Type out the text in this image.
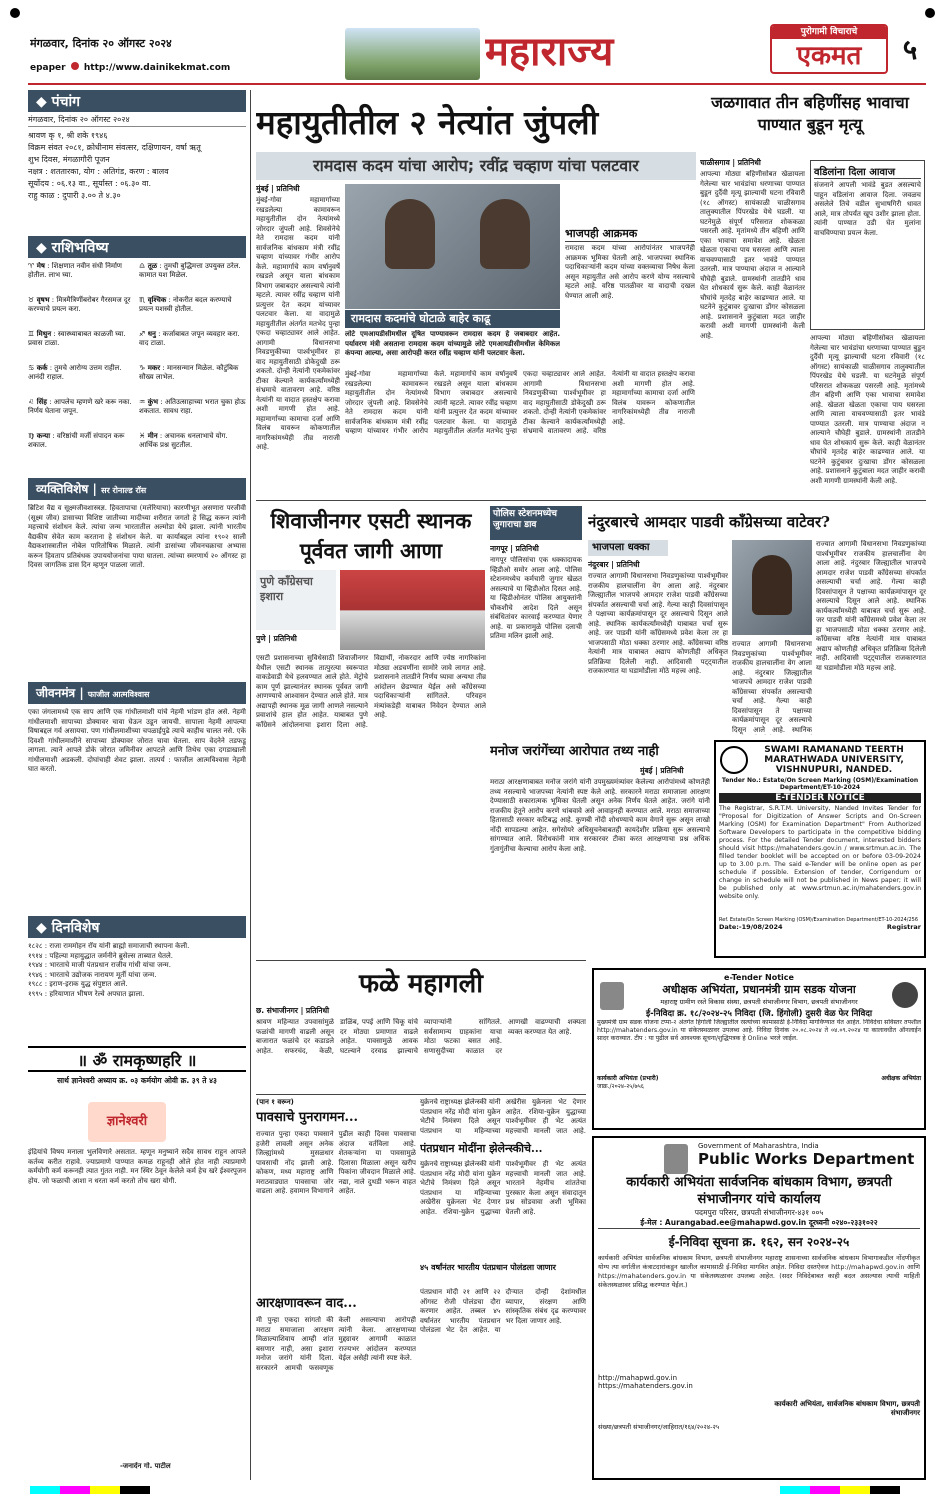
मंगळवार, दिनांक २० ऑगस्ट २०२४
epaper http://www.dainikekmat.com	महाराज्य	पुरोगामी विचाराचे
एकमत	५
◆ पंचांग

मंगळवार, दिनांक २० ऑगस्ट २०२४

श्रावण कृ १, श्री शके १९४६

विक्रम संवत २०८१, क्रोधीनाम संवत्सर, दक्षिणायन, वर्षा ऋतू

शुभ दिवस, मंगळागौरी पूजन

नक्षत्र : शततारका, योग : अतिगंड, करण : बालव

सूर्योदय : ०६.१३ वा., सूर्यास्त : ०६.३० वा.

राहु काळ : दुपारी ३.०० ते ४.३०

◆ राशिभविष्य
♈ मेष : शिक्षणात नवीन संधी निर्माण होतील. लाभ घ्या.
♎ तूळ : तुमची बुद्धिमत्ता उपयुक्त ठरेल. कामात यश मिळेल.
♉ वृषभ : मित्रमैत्रिणींबरोबर गैरसमज दूर करण्याचे प्रयत्न करा.
♏ वृश्चिक : नोकरीत बदल करण्याचे प्रयत्न यशस्वी होतील.
♊ मिथुन : स्वास्थ्याबाबत काळजी घ्या. प्रवास टाळा.
♐ धनु : कर्जाबाबत जपून व्यवहार करा. वाद टाळा.
♋ कर्क : तुमचे आरोग्य उत्तम राहील. आनंदी राहाल.
♑ मकर : मानसन्मान मिळेल. कौटुंबिक सौख्य लाभेल.
♌ सिंह : आपलेच म्हणणे खरे करू नका. निर्णय घेताना जपून.
♒ कुंभ : अतिउत्साहाच्या भरात चुका होऊ शकतात. सावध राहा.
♍ कन्या : वरिष्ठांची मर्जी संपादन करू शकाल.
♓ मीन : अचानक धनलाभाचे योग. आर्थिक प्रश्न सुटतील.
व्यक्तिविशेष | सर रोनाल्ड रॉस
ब्रिटिश वैद्य व सूक्ष्मजीवशास्त्रज्ञ. हिवतापाचा (मलेरियाचा) कारणीभूत असणारा परजीवी (सूक्ष्म जीव) डासाच्या विशिष्ट जातीच्या मादीच्या शरीरात जगतो हे सिद्ध करून त्यांनी महत्त्वाचे संशोधन केले. त्यांचा जन्म भारतातील अल्मोडा येथे झाला. त्यांनी भारतीय वैद्यकीय सेवेत काम करताना हे संशोधन केले. या कार्याबद्दल त्यांना १९०२ साली वैद्यकशास्त्रातील नोबेल पारितोषिक मिळाले. त्यांनी डासांच्या जीवनचक्राचा अभ्यास करून हिवताप प्रतिबंधक उपाययोजनांचा पाया घातला. त्यांच्या स्मरणार्थ २० ऑगस्ट हा दिवस जागतिक डास दिन म्हणून पाळला जातो.
जीवनमंत्र | फाजील आत्मविश्वास
एका जंगलामध्ये एक साप आणि एक गांधीलमाशी यांचे नेहमी भांडण होत असे. नेहमी गांधीलमाशी सापाच्या डोक्यावर चावा घेऊन उडून जायची. सापाला नेहमी आपल्या विषाबद्दल गर्व असायचा. पण गांधीलमाशीच्या चपळाईपुढे त्याचे काहीच चालत नसे. एके दिवशी गांधीलमाशीने सापाच्या डोक्यावर जोरात चावा घेतला. साप वेदनेने तडफडू लागला. त्याने आपले डोके जोरात जमिनीवर आपटले आणि तिथेच एका दगडाखाली गांधीलमाशी अडकली. दोघांचाही शेवट झाला. तात्पर्य : फाजील आत्मविश्वास नेहमी घात करतो.
◆ दिनविशेष

१८२८ : राजा राममोहन रॉय यांनी ब्राह्मो समाजाची स्थापना केली.

१९१४ : पहिल्या महायुद्धात जर्मनीने ब्रुसेल्स ताब्यात घेतले.

१९४४ : भारताचे माजी पंतप्रधान राजीव गांधी यांचा जन्म.

१९४६ : भारताचे उद्योजक नारायण मूर्ती यांचा जन्म.

१९८८ : इराण-इराक युद्ध संपुष्टात आले.

१९९५ : हरियाणात भीषण रेल्वे अपघात झाला.

॥ ॐ रामकृष्णहरि ॥
सार्थ ज्ञानेश्वरी अध्याय क्र. ०३ कर्मयोग ओवी क्र. ३९ ते ४३
ज्ञानेश्वरी
इंद्रियांचे विषय मनाला भुलविणारे असतात. म्हणून मनुष्याने सदैव सावध राहून आपले कर्तव्य करीत राहावे. ज्याप्रमाणे पाण्यात कमळ राहूनही ओले होत नाही त्याप्रमाणे कर्मयोगी कर्म करूनही त्यात गुंतत नाही. मन स्थिर ठेवून केलेले कर्म हेच खरे ईश्वरपूजन होय. जो फळाची आशा न धरता कर्म करतो तोच खरा योगी.
-जनार्दन गो. पाटील
महायुतीतील २ नेत्यांत जुंपली
रामदास कदम यांचा आरोप; रवींद्र चव्हाण यांचा पलटवार
मुंबई | प्रतिनिधी
मुंबई-गोवा महामार्गाच्या रखडलेल्या कामावरून महायुतीतील दोन नेत्यांमध्ये जोरदार जुंपली आहे. शिवसेनेचे नेते रामदास कदम यांनी सार्वजनिक बांधकाम मंत्री रवींद्र चव्हाण यांच्यावर गंभीर आरोप केले. महामार्गाचे काम वर्षानुवर्षे रखडले असून याला बांधकाम विभाग जबाबदार असल्याचे त्यांनी म्हटले. त्यावर रवींद्र चव्हाण यांनी प्रत्युत्तर देत कदम यांच्यावर पलटवार केला. या वादामुळे महायुतीतील अंतर्गत मतभेद पुन्हा एकदा चव्हाट्यावर आले आहेत. आगामी विधानसभा निवडणुकीच्या पार्श्वभूमीवर हा वाद महायुतीसाठी डोकेदुखी ठरू शकतो. दोन्ही नेत्यांनी एकमेकांवर टीका केल्याने कार्यकर्त्यांमध्येही संभ्रमाचे वातावरण आहे. वरिष्ठ नेत्यांनी या वादात हस्तक्षेप करावा अशी मागणी होत आहे. महामार्गाच्या कामाचा दर्जा आणि विलंब यावरून कोकणातील नागरिकांमध्येही तीव्र नाराजी आहे.
रामदास कदमांचे घोटाळे बाहेर काढू
लोटे एमआयडीसीमधील दूषित पाण्यावरून रामदास कदम हे जबाबदार आहेत. पर्यावरण मंत्री असताना रामदास कदम यांच्यामुळे लोटे एमआयडीसीमधील केमिकल कंपन्या आल्या, असा आरोपही करत रवींद्र चव्हाण यांनी पलटवार केला.
भाजपही आक्रमक
रामदास कदम यांच्या आरोपांनंतर भाजपनेही आक्रमक भूमिका घेतली आहे. भाजपच्या स्थानिक पदाधिकाऱ्यांनी कदम यांच्या वक्तव्याचा निषेध केला असून महायुतीत असे आरोप करणे योग्य नसल्याचे म्हटले आहे. वरिष्ठ पातळीवर या वादाची दखल घेण्यात आली आहे.
मुंबई-गोवा महामार्गाच्या रखडलेल्या कामावरून महायुतीतील दोन नेत्यांमध्ये जोरदार जुंपली आहे. शिवसेनेचे नेते रामदास कदम यांनी सार्वजनिक बांधकाम मंत्री रवींद्र चव्हाण यांच्यावर गंभीर आरोप केले. महामार्गाचे काम वर्षानुवर्षे रखडले असून याला बांधकाम विभाग जबाबदार असल्याचे त्यांनी म्हटले. त्यावर रवींद्र चव्हाण यांनी प्रत्युत्तर देत कदम यांच्यावर पलटवार केला. या वादामुळे महायुतीतील अंतर्गत मतभेद पुन्हा एकदा चव्हाट्यावर आले आहेत. आगामी विधानसभा निवडणुकीच्या पार्श्वभूमीवर हा वाद महायुतीसाठी डोकेदुखी ठरू शकतो. दोन्ही नेत्यांनी एकमेकांवर टीका केल्याने कार्यकर्त्यांमध्येही संभ्रमाचे वातावरण आहे. वरिष्ठ नेत्यांनी या वादात हस्तक्षेप करावा अशी मागणी होत आहे. महामार्गाच्या कामाचा दर्जा आणि विलंब यावरून कोकणातील नागरिकांमध्येही तीव्र नाराजी आहे.
जळगावात तीन बहिणींसह भावाचा पाण्यात बुडून मृत्यू
चाळीसगाव | प्रतिनिधी
आपल्या मोठ्या बहिणीसोबत खेळायला गेलेल्या चार भावंडांचा धरणाच्या पाण्यात बुडून दुर्दैवी मृत्यू झाल्याची घटना रविवारी (१८ ऑगस्ट) सायंकाळी चाळीसगाव तालुक्यातील पिंपरखेड येथे घडली. या घटनेमुळे संपूर्ण परिसरात शोककळा पसरली आहे. मृतांमध्ये तीन बहिणी आणि एका भावाचा समावेश आहे. खेळता खेळता एकाचा पाय घसरला आणि त्याला वाचवण्यासाठी इतर भावंडे पाण्यात उतरली. मात्र पाण्याचा अंदाज न आल्याने चौघेही बुडाले. ग्रामस्थांनी तातडीने धाव घेत शोधकार्य सुरू केले. काही वेळानंतर चौघांचे मृतदेह बाहेर काढण्यात आले. या घटनेने कुटुंबावर दुःखाचा डोंगर कोसळला आहे. प्रशासनाने कुटुंबाला मदत जाहीर करावी अशी मागणी ग्रामस्थांनी केली आहे.
वडिलांना दिला आवाज
संजनाने आपली भावंडे बुडत असल्याचे पाहून वडिलांना आवाज दिला. जवळच असलेले तिचे वडील सुभाषगिरी धावत आले, मात्र तोपर्यंत खूप उशीर झाला होता. त्यांनी पाण्यात उडी घेत मुलांना वाचविण्याचा प्रयत्न केला.
आपल्या मोठ्या बहिणीसोबत खेळायला गेलेल्या चार भावंडांचा धरणाच्या पाण्यात बुडून दुर्दैवी मृत्यू झाल्याची घटना रविवारी (१८ ऑगस्ट) सायंकाळी चाळीसगाव तालुक्यातील पिंपरखेड येथे घडली. या घटनेमुळे संपूर्ण परिसरात शोककळा पसरली आहे. मृतांमध्ये तीन बहिणी आणि एका भावाचा समावेश आहे. खेळता खेळता एकाचा पाय घसरला आणि त्याला वाचवण्यासाठी इतर भावंडे पाण्यात उतरली. मात्र पाण्याचा अंदाज न आल्याने चौघेही बुडाले. ग्रामस्थांनी तातडीने धाव घेत शोधकार्य सुरू केले. काही वेळानंतर चौघांचे मृतदेह बाहेर काढण्यात आले. या घटनेने कुटुंबावर दुःखाचा डोंगर कोसळला आहे. प्रशासनाने कुटुंबाला मदत जाहीर करावी अशी मागणी ग्रामस्थांनी केली आहे.
शिवाजीनगर एसटी स्थानक पूर्ववत जागी आणा
पुणे काँग्रेसचा इशारा
पुणे | प्रतिनिधी
एसटी प्रशासनाच्या सुविधेसाठी शिवाजीनगर येथील एसटी स्थानक तात्पुरत्या स्वरूपात वाकडेवाडी येथे हलवण्यात आले होते. मेट्रोचे काम पूर्ण झाल्यानंतर स्थानक पूर्ववत जागी आणण्याचे आश्वासन देण्यात आले होते. मात्र अद्यापही स्थानक मूळ जागी आणले नसल्याने प्रवाशांचे हाल होत आहेत. याबाबत पुणे काँग्रेसने आंदोलनाचा इशारा दिला आहे. विद्यार्थी, नोकरदार आणि ज्येष्ठ नागरिकांना मोठ्या अडचणींना सामोरे जावे लागत आहे. प्रशासनाने तातडीने निर्णय घ्यावा अन्यथा तीव्र आंदोलन छेडण्यात येईल असे काँग्रेसच्या पदाधिकाऱ्यांनी सांगितले. परिवहन मंत्र्यांकडेही याबाबत निवेदन देण्यात आले आहे.
पोलिस स्टेशनमध्येच जुगाराचा डाव
नागपूर | प्रतिनिधी
नागपूर पोलिसांचा एक धक्कादायक व्हिडीओ समोर आला आहे. पोलिस स्टेशनमध्येच कर्मचारी जुगार खेळत असल्याचे या व्हिडीओत दिसत आहे. या व्हिडीओनंतर पोलिस आयुक्तांनी चौकशीचे आदेश दिले असून संबंधितांवर कारवाई करण्यात येणार आहे. या प्रकारामुळे पोलिस दलाची प्रतिमा मलिन झाली आहे.
नंदुरबारचे आमदार पाडवी काँग्रेसच्या वाटेवर?
भाजपला धक्का
नंदुरबार | प्रतिनिधी
राज्यात आगामी विधानसभा निवडणुकांच्या पार्श्वभूमीवर राजकीय हालचालींना वेग आला आहे. नंदुरबार जिल्ह्यातील भाजपचे आमदार राजेश पाडवी काँग्रेसच्या संपर्कात असल्याची चर्चा आहे. गेल्या काही दिवसांपासून ते पक्षाच्या कार्यक्रमांपासून दूर असल्याचे दिसून आले आहे. स्थानिक कार्यकर्त्यांमध्येही याबाबत चर्चा सुरू आहे. जर पाडवी यांनी काँग्रेसमध्ये प्रवेश केला तर हा भाजपसाठी मोठा धक्का ठरणार आहे. काँग्रेसच्या वरिष्ठ नेत्यांनी मात्र याबाबत अद्याप कोणतीही अधिकृत प्रतिक्रिया दिलेली नाही. आदिवासी पट्ट्यातील राजकारणात या घडामोडीला मोठे महत्त्व आहे.
राज्यात आगामी विधानसभा निवडणुकांच्या पार्श्वभूमीवर राजकीय हालचालींना वेग आला आहे. नंदुरबार जिल्ह्यातील भाजपचे आमदार राजेश पाडवी काँग्रेसच्या संपर्कात असल्याची चर्चा आहे. गेल्या काही दिवसांपासून ते पक्षाच्या कार्यक्रमांपासून दूर असल्याचे दिसून आले आहे. स्थानिक
राज्यात आगामी विधानसभा निवडणुकांच्या पार्श्वभूमीवर राजकीय हालचालींना वेग आला आहे. नंदुरबार जिल्ह्यातील भाजपचे आमदार राजेश पाडवी काँग्रेसच्या संपर्कात असल्याची चर्चा आहे. गेल्या काही दिवसांपासून ते पक्षाच्या कार्यक्रमांपासून दूर असल्याचे दिसून आले आहे. स्थानिक कार्यकर्त्यांमध्येही याबाबत चर्चा सुरू आहे. जर पाडवी यांनी काँग्रेसमध्ये प्रवेश केला तर हा भाजपसाठी मोठा धक्का ठरणार आहे. काँग्रेसच्या वरिष्ठ नेत्यांनी मात्र याबाबत अद्याप कोणतीही अधिकृत प्रतिक्रिया दिलेली नाही. आदिवासी पट्ट्यातील राजकारणात या घडामोडीला मोठे महत्त्व आहे.
मनोज जरांगेंच्या आरोपात तथ्य नाही
मुंबई | प्रतिनिधी
मराठा आरक्षणाबाबत मनोज जरांगे यांनी उपमुख्यमंत्र्यांवर केलेल्या आरोपांमध्ये कोणतेही तथ्य नसल्याचे भाजपच्या नेत्यांनी स्पष्ट केले आहे. सरकारने मराठा समाजाला आरक्षण देण्यासाठी सकारात्मक भूमिका घेतली असून अनेक निर्णय घेतले आहेत. जरांगे यांनी राजकीय हेतूने आरोप करणे थांबवावे असे आवाहनही करण्यात आले. मराठा समाजाच्या हितासाठी सरकार कटिबद्ध आहे. कुणबी नोंदी शोधण्याचे काम वेगाने सुरू असून लाखो नोंदी सापडल्या आहेत. सगेसोयरे अधिसूचनेबाबतही कायदेशीर प्रक्रिया सुरू असल्याचे सांगण्यात आले. विरोधकांनी मात्र सरकारवर टीका करत आरक्षणाचा प्रश्न अधिक गुंतागुंतीचा केल्याचा आरोप केला आहे.
SWAMI RAMANAND TEERTH
MARATHWADA UNIVERSITY,
VISHNUPURI, NANDED.
Tender No.: Estate/On Screen Marking (OSM)/Examination Department/ET-10-2024
E-TENDER NOTICE
The Registrar, S.R.T.M. University, Nanded Invites Tender for "Proposal for Digitization of Answer Scripts and On-Screen Marking (OSM) for Examination Department" From Authorized Software Developers to participate in the competitive bidding process. For the detailed Tender document, interested bidders should visit https://mahatenders.gov.in / www.srtmun.ac.in. The filled tender booklet will be accepted on or before 03-09-2024 up to 3.00 p.m. The said e-Tender will be online open as per schedule if possible. Extension of tender, Corrigendum or change in schedule will not be published in News paper; it will be published only at www.srtmun.ac.in/mahatenders.gov.in website only.
Ref. Estate/On Screen Marking (OSM)/Examination Department/ET-10-2024/256
Date:-19/08/2024	Registrar
फळे महागली
छ. संभाजीनगर | प्रतिनिधी
श्रावण महिन्यात उपवासांमुळे फळांची मागणी वाढली असून बाजारात फळांचे दर कडाडले आहेत. सफरचंद, केळी, डाळिंब, पपई आणि चिकू यांचे दर मोठ्या प्रमाणात वाढले आहेत. पावसामुळे आवक घटल्याने दरवाढ झाल्याचे व्यापाऱ्यांनी सांगितले. सर्वसामान्य ग्राहकांना याचा मोठा फटका बसत आहे. सणासुदीच्या काळात दर आणखी वाढण्याची शक्यता व्यक्त करण्यात येत आहे.
(पान १ वरून)
पावसाचे पुनरागमन...
राज्यात पुन्हा एकदा पावसाने हजेरी लावली असून अनेक जिल्ह्यांमध्ये मुसळधार पावसाची नोंद झाली आहे. कोकण, मध्य महाराष्ट्र आणि मराठवाड्यात पावसाचा जोर वाढला आहे. हवामान विभागाने पुढील काही दिवस पावसाचा अंदाज वर्तविला आहे. शेतकऱ्यांना या पावसामुळे दिलासा मिळाला असून खरीप पिकांना जीवदान मिळाले आहे. नद्या, नाले दुथडी भरून वाहत आहेत.
आरक्षणावरून वाद...
मी पुन्हा एकदा सांगतो की मराठा समाजाला आरक्षण मिळाल्याशिवाय आम्ही शांत बसणार नाही, असा इशारा मनोज जरांगे यांनी दिला. सरकारने आमची फसवणूक केली असल्याचा आरोपही त्यांनी केला. आरक्षणाच्या मुद्द्यावर आगामी काळात राज्यभर आंदोलन करण्यात येईल असेही त्यांनी स्पष्ट केले.
पंतप्रधान मोदींना झेलेन्स्कीचे...
युक्रेनचे राष्ट्राध्यक्ष झेलेन्स्की यांनी पंतप्रधान नरेंद्र मोदी यांना युक्रेन भेटीचे निमंत्रण दिले असून पंतप्रधान या महिन्याच्या अखेरीस युक्रेनला भेट देणार आहेत. रशिया-युक्रेन युद्धाच्या पार्श्वभूमीवर ही भेट अत्यंत महत्त्वाची मानली जात आहे.
युक्रेनचे राष्ट्राध्यक्ष झेलेन्स्की यांनी पंतप्रधान नरेंद्र मोदी यांना युक्रेन भेटीचे निमंत्रण दिले असून पंतप्रधान या महिन्याच्या अखेरीस युक्रेनला भेट देणार आहेत. रशिया-युक्रेन युद्धाच्या पार्श्वभूमीवर ही भेट अत्यंत महत्त्वाची मानली जात आहे. भारताने नेहमीच शांततेचा पुरस्कार केला असून संवादातून प्रश्न सोडवावा अशी भूमिका घेतली आहे.
४५ वर्षांनंतर भारतीय पंतप्रधान पोलंडला जाणार
पंतप्रधान मोदी २१ आणि २२ ऑगस्ट रोजी पोलंडचा दौरा करणार आहेत. तब्बल ४५ वर्षांनंतर भारतीय पंतप्रधान पोलंडला भेट देत आहेत. या दौऱ्यात दोन्ही देशांमधील व्यापार, संरक्षण आणि सांस्कृतिक संबंध दृढ करण्यावर भर दिला जाणार आहे.
e-Tender Notice
अधीक्षक अभियंता, प्रधानमंत्री ग्राम सडक योजना
महाराष्ट्र ग्रामीण रस्ते विकास संस्था, छत्रपती संभाजीनगर विभाग, छत्रपती संभाजीनगर
ई-निविदा क्र. १८/२०२४-२५ निविदा (जि. हिंगोली) दुसरी वेळ फेर निविदा
मुख्यमंत्री ग्राम सडक योजना टप्पा-२ अंतर्गत हिंगोली जिल्ह्यातील रस्त्यांच्या कामासाठी ई-निविदा मागविण्यात येत आहेत. निविदेचा सविस्तर तपशील http://mahatenders.gov.in या संकेतस्थळावर उपलब्ध आहे. निविदा दिनांक २०.०८.२०२४ ते ०४.०९.२०२४ या कालावधीत ऑनलाईन सादर कराव्यात. टीप : या पुढील सर्व आवश्यक सूचना/शुद्धिपत्रक हे Online भरले जाईल.
कार्यकारी अभियंता (प्रभारी)	अधीक्षक अभियंता
जाक्र./२०२४-२५/७५६
Government of Maharashtra, India
Public Works Department
कार्यकारी अभियंता सार्वजनिक बांधकाम विभाग, छत्रपती संभाजीनगर यांचे कार्यालय
पदमपुरा परिसर, छत्रपती संभाजीनगर-४३१ ००५
ई-मेल : Aurangabad.ee@mahapwd.gov.in दूरध्वनी ०२४०-२३३१०२२
ई-निविदा सूचना क्र. १६२, सन २०२४-२५
कार्यकारी अभियंता सार्वजनिक बांधकाम विभाग, छत्रपती संभाजीनगर महाराष्ट्र शासनाच्या सार्वजनिक बांधकाम विभागाकडील नोंदणीकृत योग्य त्या वर्गातील कंत्राटदारांकडून खालील कामासाठी ई-निविदा मागवित आहेत. निविदा दस्तऐवज http://mahapwd.gov.in आणि https://mahatenders.gov.in या संकेतस्थळावर उपलब्ध आहेत. (सदर निविदेबाबत काही बदल असल्यास त्याची माहिती संकेतस्थळावर प्रसिद्ध करण्यात येईल.)
http://mahapwd.gov.in
https://mahatenders.gov.in
कार्यकारी अभियंता, सार्वजनिक बांधकाम विभाग, छत्रपती संभाजीनगर
संख्या/छत्रपती संभाजीनगर/जाहिरात/१६४/२०२४-२५
